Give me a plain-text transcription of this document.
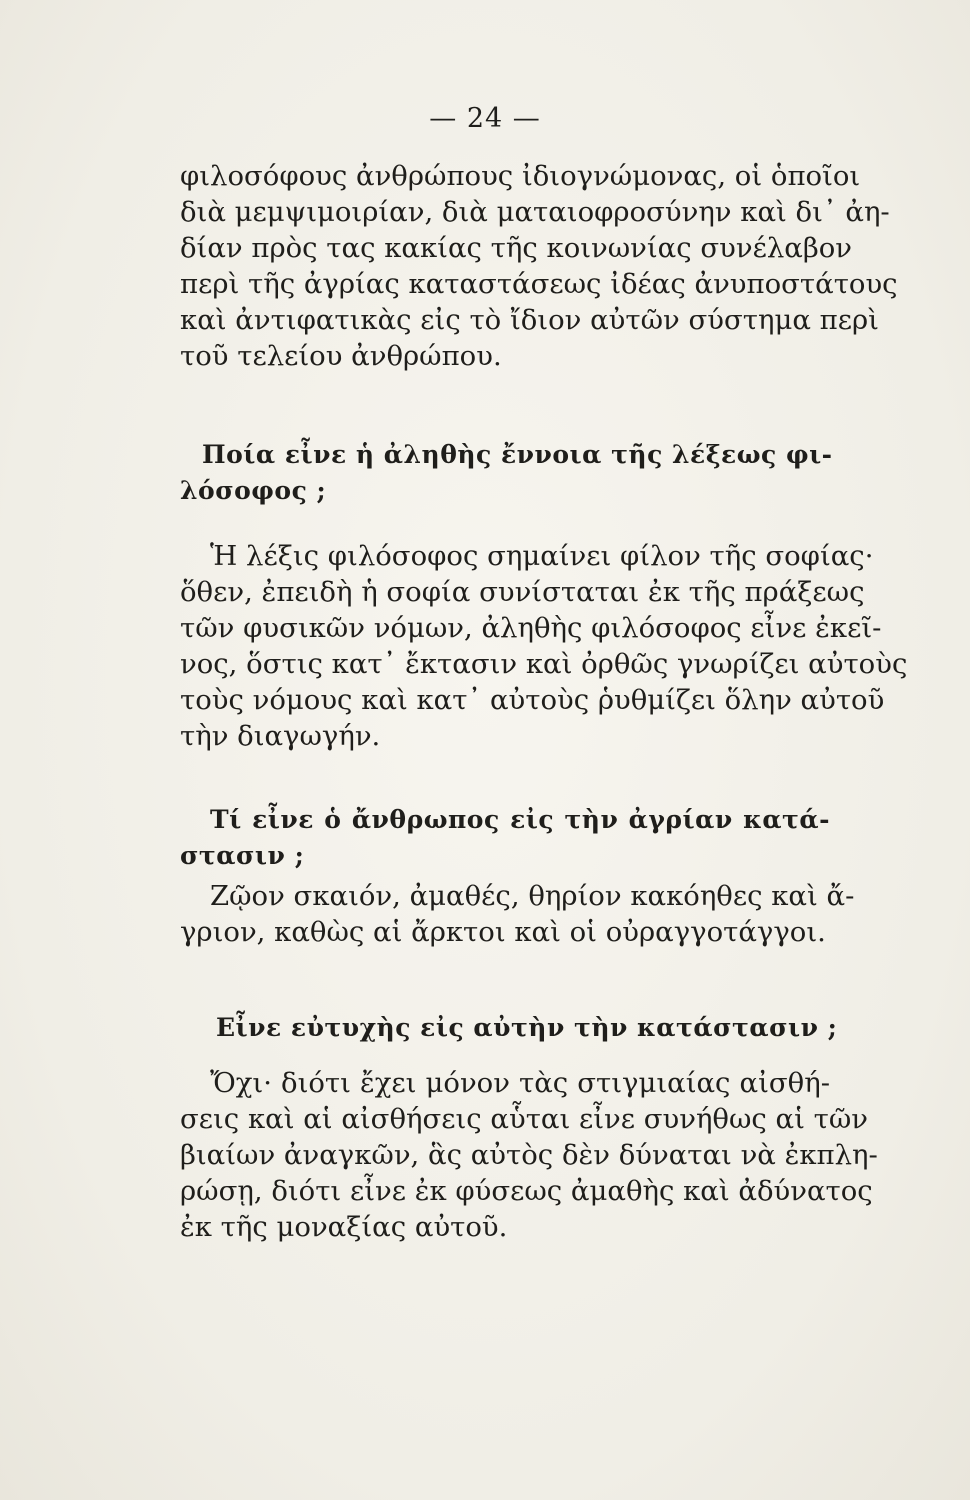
— 24 —
φιλοσόφους ἀνθρώπους ἰδιογνώμονας, οἱ ὁποῖοι
διὰ μεμψιμοιρίαν, διὰ ματαιοφροσύνην καὶ δι᾽ ἀη-
δίαν πρὸς τας κακίας τῆς κοινωνίας συνέλαβον
περὶ τῆς ἀγρίας καταστάσεως ἰδέας ἀνυποστάτους
καὶ ἀντιφατικὰς εἰς τὸ ἴδιον αὐτῶν σύστημα περὶ
τοῦ τελείου ἀνθρώπου.
Ποία εἶνε ἡ ἀληθὴς ἔννοια τῆς λέξεως φι-
λόσοφος ;
Ἡ λέξις φιλόσοφος σημαίνει φίλον τῆς σοφίας·
ὅθεν, ἐπειδὴ ἡ σοφία συνίσταται ἐκ τῆς πράξεως
τῶν φυσικῶν νόμων, ἀληθὴς φιλόσοφος εἶνε ἐκεῖ-
νος, ὅστις κατ᾽ ἔκτασιν καὶ ὀρθῶς γνωρίζει αὐτοὺς
τοὺς νόμους καὶ κατ᾽ αὐτοὺς ῥυθμίζει ὅλην αὐτοῦ
τὴν διαγωγήν.
Τί εἶνε ὁ ἄνθρωπος εἰς τὴν ἀγρίαν κατά-
στασιν ;
Ζῷον σκαιόν, ἀμαθές, θηρίον κακόηθες καὶ ἄ-
γριον, καθὼς αἱ ἄρκτοι καὶ οἱ οὐραγγοτάγγοι.
Εἶνε εὐτυχὴς εἰς αὐτὴν τὴν κατάστασιν ;
Ὄχι· διότι ἔχει μόνον τὰς στιγμιαίας αἰσθή-
σεις καὶ αἱ αἰσθήσεις αὗται εἶνε συνήθως αἱ τῶν
βιαίων ἀναγκῶν, ἃς αὐτὸς δὲν δύναται νὰ ἐκπλη-
ρώσῃ, διότι εἶνε ἐκ φύσεως ἀμαθὴς καὶ ἀδύνατος
ἐκ τῆς μοναξίας αὐτοῦ.
